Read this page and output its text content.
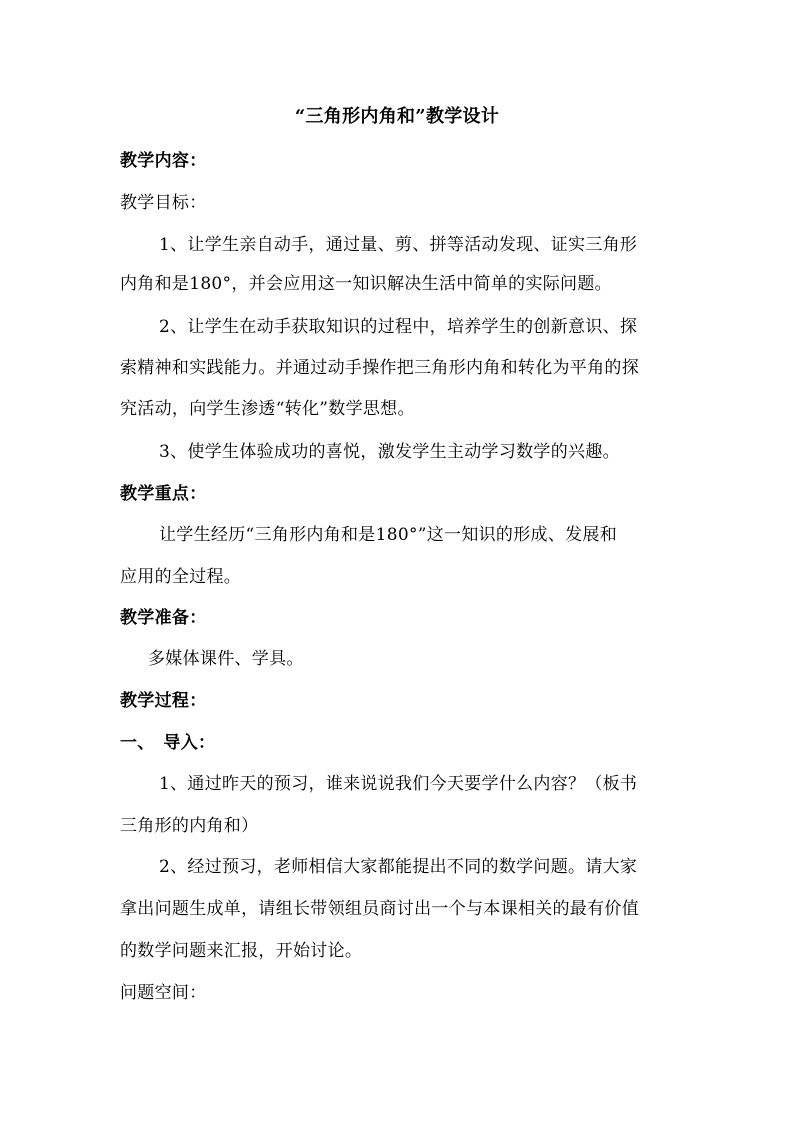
“三角形内角和”教学设计
教学内容：
教学目标：
1、让学生亲自动手，通过量、剪、拼等活动发现、证实三角形
内角和是180°，并会应用这一知识解决生活中简单的实际问题。
2、让学生在动手获取知识的过程中，培养学生的创新意识、探
索精神和实践能力。并通过动手操作把三角形内角和转化为平角的探
究活动，向学生渗透“转化”数学思想。
3、使学生体验成功的喜悦，激发学生主动学习数学的兴趣。
教学重点：
让学生经历“三角形内角和是180°”这一知识的形成、发展和
应用的全过程。
教学准备：
多媒体课件、学具。
教学过程：
一、　导入：
1、通过昨天的预习，谁来说说我们今天要学什么内容？（板书
三角形的内角和）
2、经过预习，老师相信大家都能提出不同的数学问题。请大家
拿出问题生成单，请组长带领组员商讨出一个与本课相关的最有价值
的数学问题来汇报，开始讨论。
问题空间：
